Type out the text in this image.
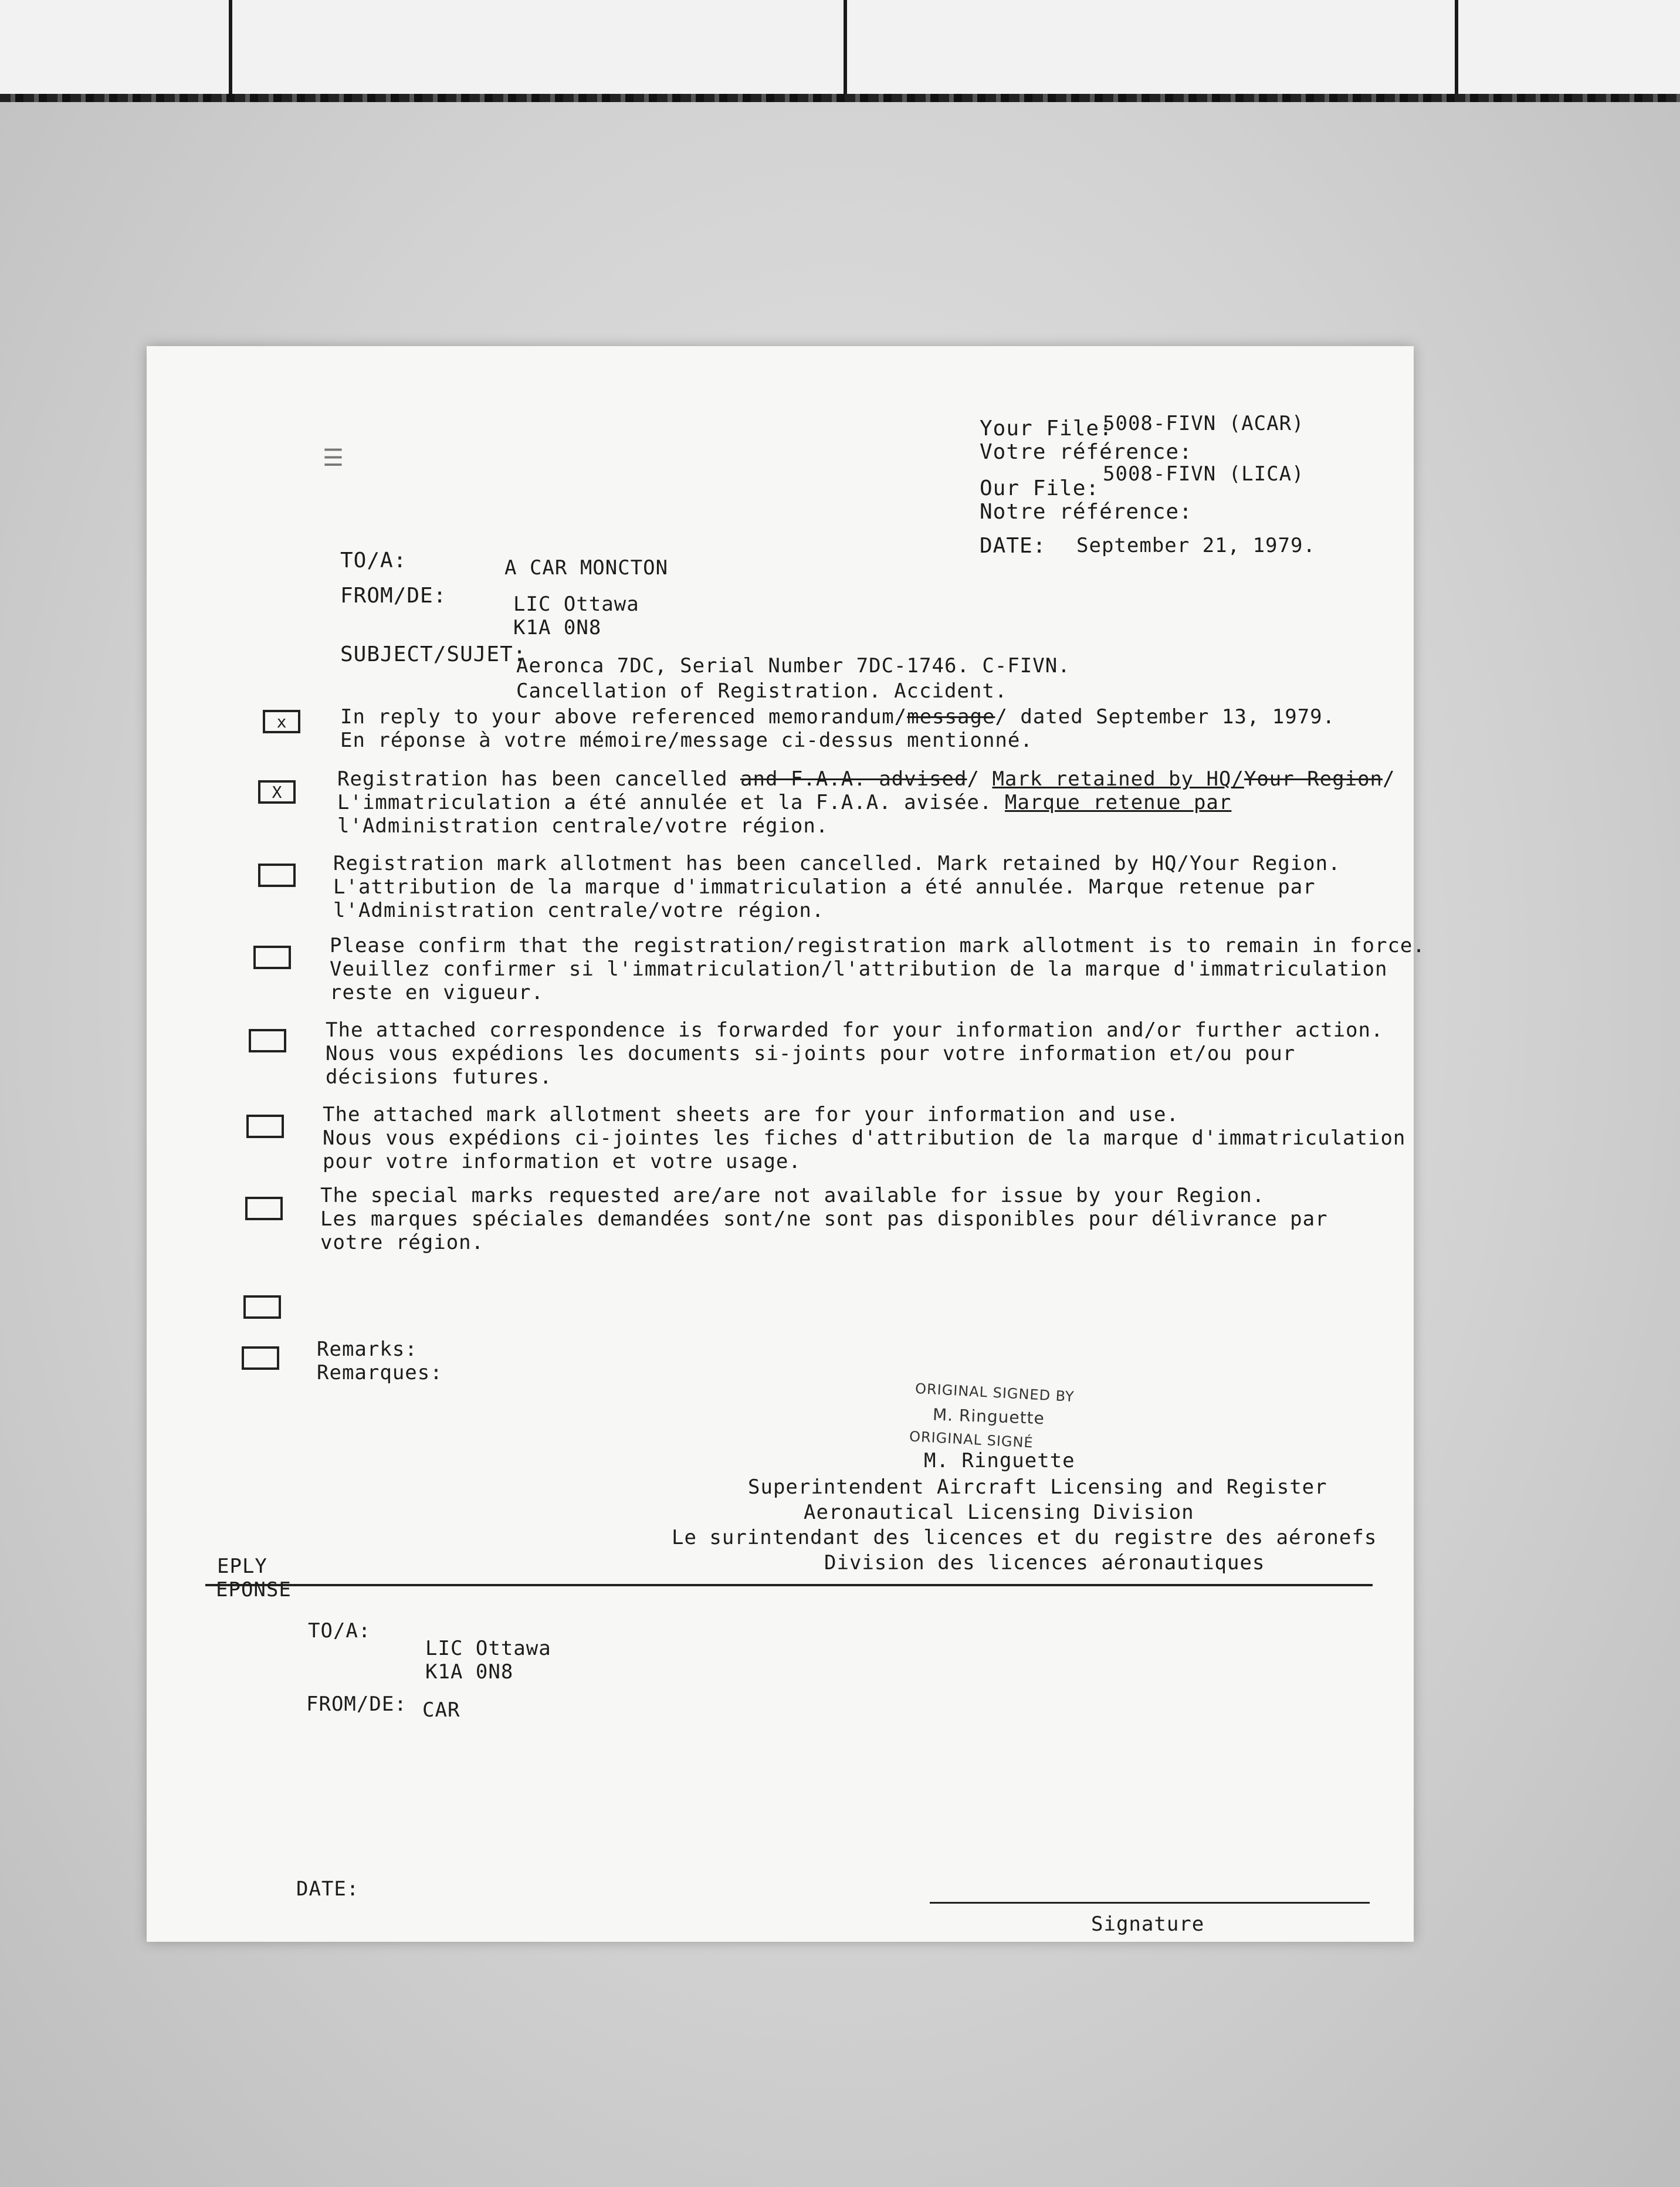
Your File:
5008-FIVN (ACAR)
Votre référence:
Our File:
5008-FIVN (LICA)
Notre référence:
DATE: September 21, 1979.
☰
TO/A:	A CAR MONCTON
FROM/DE:	LIC Ottawa
K1A 0N8
SUBJECT/SUJET:
Aeronca 7DC, Serial Number 7DC-1746. C-FIVN.
Cancellation of Registration. Accident.
x	In reply to your above referenced memorandum/message/ dated September 13, 1979.
En réponse à votre mémoire/message ci-dessus mentionné.
X
Registration has been cancelled and F.A.A. advised/ Mark retained by HQ/Your Region/
L'immatriculation a été annulée et la F.A.A. avisée. Marque retenue par
l'Administration centrale/votre région.
Registration mark allotment has been cancelled. Mark retained by HQ/Your Region.
L'attribution de la marque d'immatriculation a été annulée. Marque retenue par
l'Administration centrale/votre région.
Please confirm that the registration/registration mark allotment is to remain in force.
Veuillez confirmer si l'immatriculation/l'attribution de la marque d'immatriculation
reste en vigueur.
The attached correspondence is forwarded for your information and/or further action.
Nous vous expédions les documents si-joints pour votre information et/ou pour
décisions futures.
The attached mark allotment sheets are for your information and use.
Nous vous expédions ci-jointes les fiches d'attribution de la marque d'immatriculation
pour votre information et votre usage.
The special marks requested are/are not available for issue by your Region.
Les marques spéciales demandées sont/ne sont pas disponibles pour délivrance par
votre région.
Remarks:
Remarques:
ORIGINAL SIGNED BY
M. Ringuette
ORIGINAL SIGNÉ
M. Ringuette
Superintendent Aircraft Licensing and Register
Aeronautical Licensing Division
Le surintendant des licences et du registre des aéronefs
Division des licences aéronautiques
EPLY
EPONSE
TO/A:
LIC Ottawa
K1A 0N8
FROM/DE: CAR
DATE:
Signature
